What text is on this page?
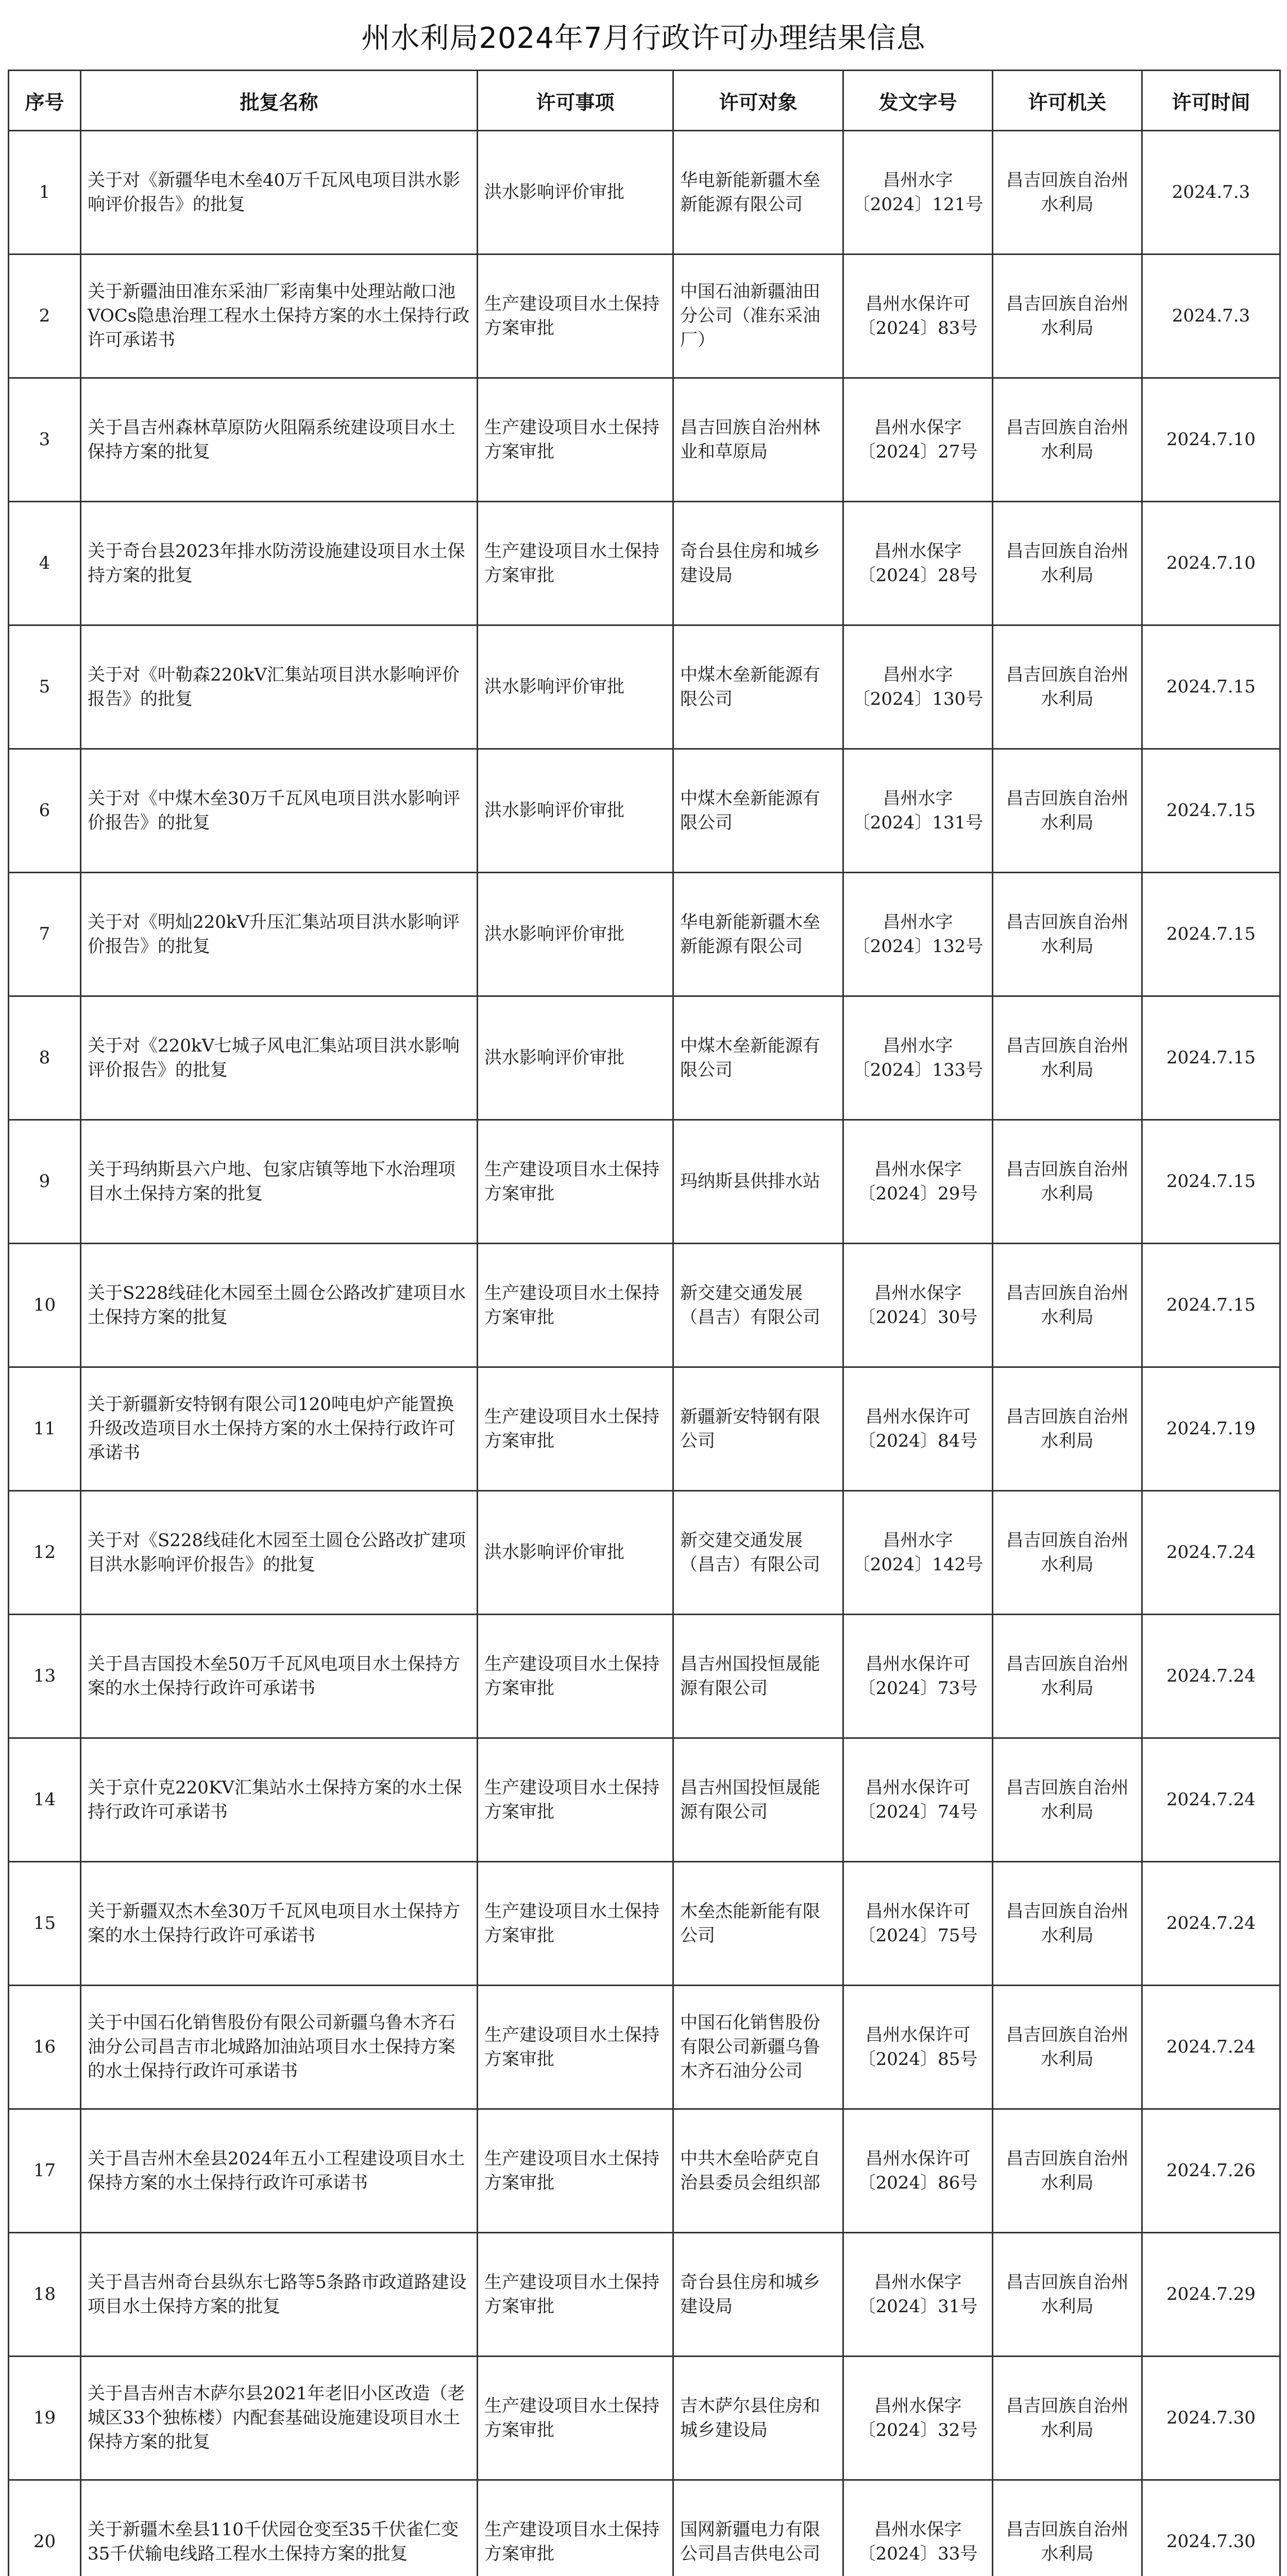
州水利局2024年7月行政许可办理结果信息
序号	批复名称	许可事项	许可对象	发文字号	许可机关	许可时间
1	关于对《新疆华电木垒40万千瓦风电项目洪水影响评价报告》的批复	洪水影响评价审批	华电新能新疆木垒新能源有限公司	昌州水字〔2024〕121号	昌吉回族自治州水利局	2024.7.3
2	关于新疆油田准东采油厂彩南集中处理站敞口池VOCs隐患治理工程水土保持方案的水土保持行政许可承诺书	生产建设项目水土保持方案审批	中国石油新疆油田分公司（准东采油厂）	昌州水保许可〔2024〕83号	昌吉回族自治州水利局	2024.7.3
3	关于昌吉州森林草原防火阻隔系统建设项目水土保持方案的批复	生产建设项目水土保持方案审批	昌吉回族自治州林业和草原局	昌州水保字〔2024〕27号	昌吉回族自治州水利局	2024.7.10
4	关于奇台县2023年排水防涝设施建设项目水土保持方案的批复	生产建设项目水土保持方案审批	奇台县住房和城乡建设局	昌州水保字〔2024〕28号	昌吉回族自治州水利局	2024.7.10
5	关于对《叶勒森220kV汇集站项目洪水影响评价报告》的批复	洪水影响评价审批	中煤木垒新能源有限公司	昌州水字〔2024〕130号	昌吉回族自治州水利局	2024.7.15
6	关于对《中煤木垒30万千瓦风电项目洪水影响评价报告》的批复	洪水影响评价审批	中煤木垒新能源有限公司	昌州水字〔2024〕131号	昌吉回族自治州水利局	2024.7.15
7	关于对《明灿220kV升压汇集站项目洪水影响评价报告》的批复	洪水影响评价审批	华电新能新疆木垒新能源有限公司	昌州水字〔2024〕132号	昌吉回族自治州水利局	2024.7.15
8	关于对《220kV七城子风电汇集站项目洪水影响评价报告》的批复	洪水影响评价审批	中煤木垒新能源有限公司	昌州水字〔2024〕133号	昌吉回族自治州水利局	2024.7.15
9	关于玛纳斯县六户地、包家店镇等地下水治理项目水土保持方案的批复	生产建设项目水土保持方案审批	玛纳斯县供排水站	昌州水保字〔2024〕29号	昌吉回族自治州水利局	2024.7.15
10	关于S228线硅化木园至土圆仓公路改扩建项目水土保持方案的批复	生产建设项目水土保持方案审批	新交建交通发展（昌吉）有限公司	昌州水保字〔2024〕30号	昌吉回族自治州水利局	2024.7.15
11	关于新疆新安特钢有限公司120吨电炉产能置换升级改造项目水土保持方案的水土保持行政许可承诺书	生产建设项目水土保持方案审批	新疆新安特钢有限公司	昌州水保许可〔2024〕84号	昌吉回族自治州水利局	2024.7.19
12	关于对《S228线硅化木园至土圆仓公路改扩建项目洪水影响评价报告》的批复	洪水影响评价审批	新交建交通发展（昌吉）有限公司	昌州水字〔2024〕142号	昌吉回族自治州水利局	2024.7.24
13	关于昌吉国投木垒50万千瓦风电项目水土保持方案的水土保持行政许可承诺书	生产建设项目水土保持方案审批	昌吉州国投恒晟能源有限公司	昌州水保许可〔2024〕73号	昌吉回族自治州水利局	2024.7.24
14	关于京什克220KV汇集站水土保持方案的水土保持行政许可承诺书	生产建设项目水土保持方案审批	昌吉州国投恒晟能源有限公司	昌州水保许可〔2024〕74号	昌吉回族自治州水利局	2024.7.24
15	关于新疆双杰木垒30万千瓦风电项目水土保持方案的水土保持行政许可承诺书	生产建设项目水土保持方案审批	木垒杰能新能有限公司	昌州水保许可〔2024〕75号	昌吉回族自治州水利局	2024.7.24
16	关于中国石化销售股份有限公司新疆乌鲁木齐石油分公司昌吉市北城路加油站项目水土保持方案的水土保持行政许可承诺书	生产建设项目水土保持方案审批	中国石化销售股份有限公司新疆乌鲁木齐石油分公司	昌州水保许可〔2024〕85号	昌吉回族自治州水利局	2024.7.24
17	关于昌吉州木垒县2024年五小工程建设项目水土保持方案的水土保持行政许可承诺书	生产建设项目水土保持方案审批	中共木垒哈萨克自治县委员会组织部	昌州水保许可〔2024〕86号	昌吉回族自治州水利局	2024.7.26
18	关于昌吉州奇台县纵东七路等5条路市政道路建设项目水土保持方案的批复	生产建设项目水土保持方案审批	奇台县住房和城乡建设局	昌州水保字〔2024〕31号	昌吉回族自治州水利局	2024.7.29
19	关于昌吉州吉木萨尔县2021年老旧小区改造（老城区33个独栋楼）内配套基础设施建设项目水土保持方案的批复	生产建设项目水土保持方案审批	吉木萨尔县住房和城乡建设局	昌州水保字〔2024〕32号	昌吉回族自治州水利局	2024.7.30
20	关于新疆木垒县110千伏园仓变至35千伏雀仁变35千伏输电线路工程水土保持方案的批复	生产建设项目水土保持方案审批	国网新疆电力有限公司昌吉供电公司	昌州水保字〔2024〕33号	昌吉回族自治州水利局	2024.7.30
